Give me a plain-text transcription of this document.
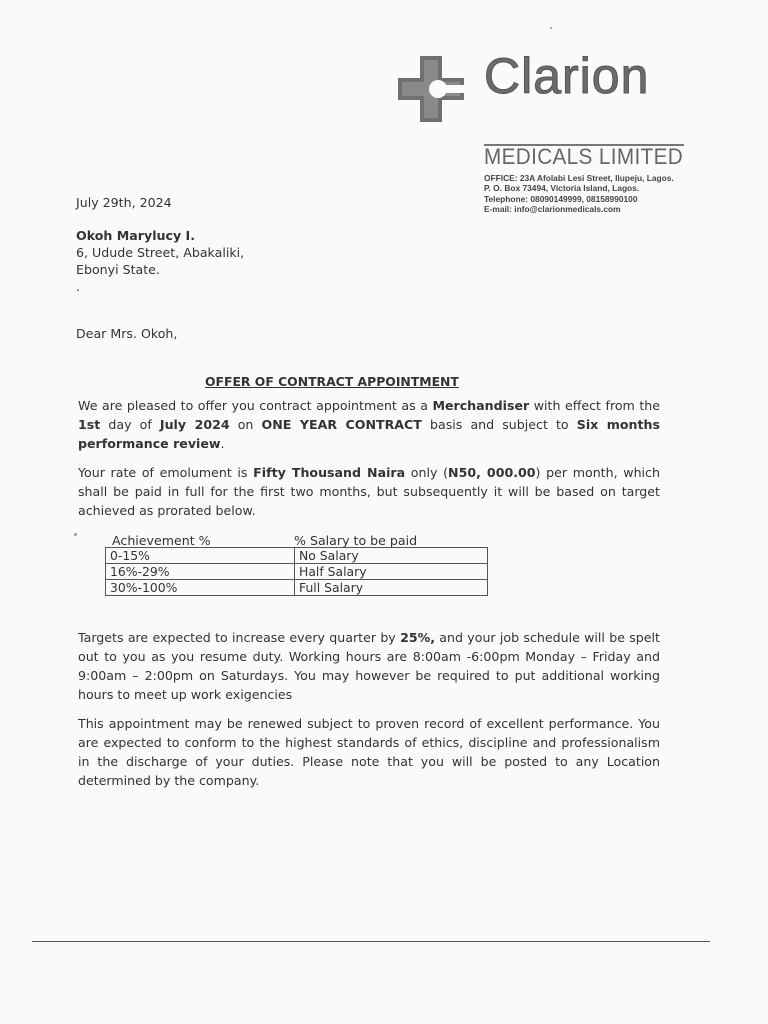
Clarion
MEDICALS LIMITED
OFFICE: 23A Afolabi Lesi Street, Ilupeju, Lagos.
P. O. Box 73494, Victoria Island, Lagos.
Telephone: 08090149999, 08158990100
E-mail: info@clarionmedicals.com
July 29th, 2024
Okoh Marylucy I.
6, Udude Street, Abakaliki,
Ebonyi State.
.
Dear Mrs. Okoh,
OFFER OF CONTRACT APPOINTMENT
We are pleased to offer you contract appointment as a Merchandiser with effect from the 1st day of July 2024 on ONE YEAR CONTRACT basis and subject to Six months performance review.
Your rate of emolument is Fifty Thousand Naira only (N50, 000.00) per month, which shall be paid in full for the first two months, but subsequently it will be based on target achieved as prorated below.
Achievement %	% Salary to be paid
0-15%	No Salary
16%-29%	Half Salary
30%-100%	Full Salary
Targets are expected to increase every quarter by 25%, and your job schedule will be spelt out to you as you resume duty. Working hours are 8:00am -6:00pm Monday – Friday and 9:00am – 2:00pm on Saturdays. You may however be required to put additional working hours to meet up work exigencies
This appointment may be renewed subject to proven record of excellent performance. You are expected to conform to the highest standards of ethics, discipline and professionalism in the discharge of your duties. Please note that you will be posted to any Location determined by the company.
